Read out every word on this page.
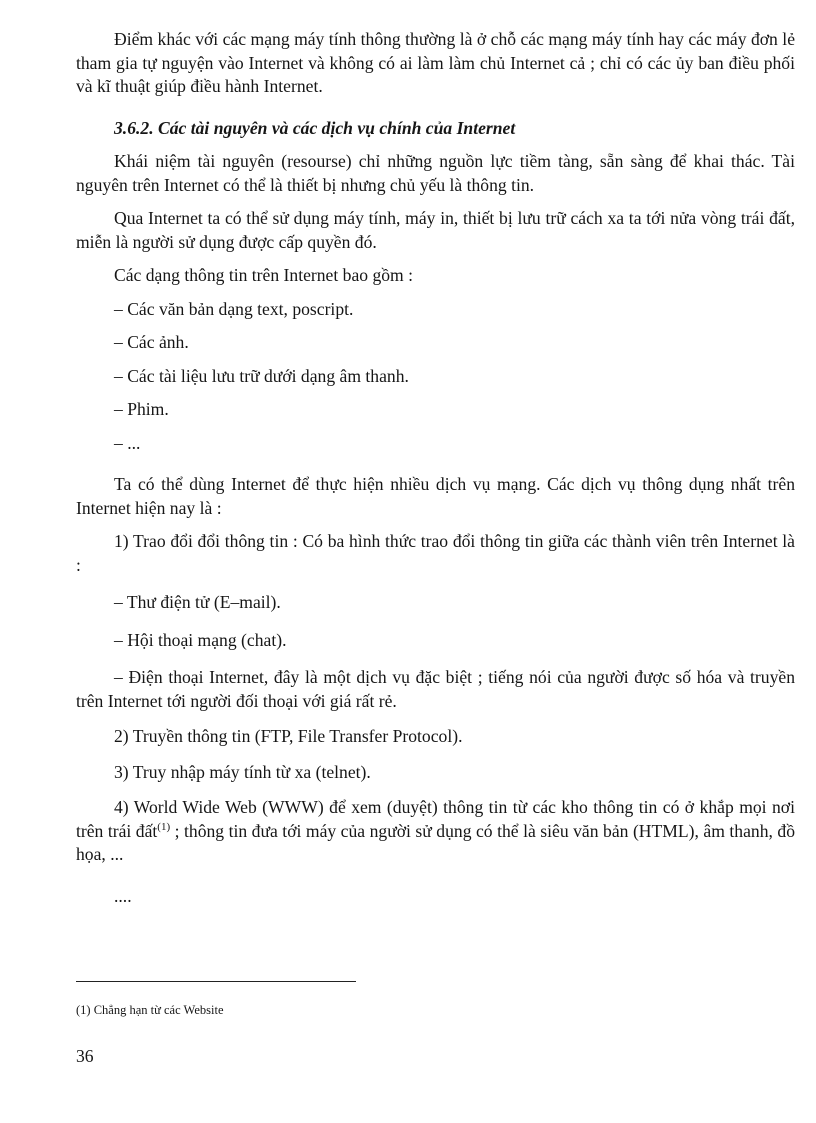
Điểm khác với các mạng máy tính thông thường là ở chỗ các mạng máy tính hay các máy đơn lẻ tham gia tự nguyện vào Internet và không có ai làm làm chủ Internet cả ; chỉ có các ủy ban điều phối và kĩ thuật giúp điều hành Internet.

3.6.2. Các tài nguyên và các dịch vụ chính của Internet

Khái niệm tài nguyên (resourse) chỉ những nguồn lực tiềm tàng, sẵn sàng để khai thác. Tài nguyên trên Internet có thể là thiết bị nhưng chủ yếu là thông tin.

Qua Internet ta có thể sử dụng máy tính, máy in, thiết bị lưu trữ cách xa ta tới nửa vòng trái đất, miễn là người sử dụng được cấp quyền đó.

Các dạng thông tin trên Internet bao gồm :
– Các văn bản dạng text, poscript.
– Các ảnh.
– Các tài liệu lưu trữ dưới dạng âm thanh.
– Phim.
– ...

Ta có thể dùng Internet để thực hiện nhiều dịch vụ mạng. Các dịch vụ thông dụng nhất trên Internet hiện nay là :

1) Trao đổi đổi thông tin : Có ba hình thức trao đổi thông tin giữa các thành viên trên Internet là :

– Thư điện tử (E–mail).
– Hội thoại mạng (chat).

– Điện thoại Internet, đây là một dịch vụ đặc biệt ; tiếng nói của người được số hóa và truyền trên Internet tới người đối thoại với giá rất rẻ.

2) Truyền thông tin (FTP, File Transfer Protocol).
3) Truy nhập máy tính từ xa (telnet).

4) World Wide Web (WWW) để xem (duyệt) thông tin từ các kho thông tin có ở khắp mọi nơi trên trái đất$^{(1)}$ ; thông tin đưa tới máy của người sử dụng có thể là siêu văn bản (HTML), âm thanh, đồ họa, ...

....
(1) Chẳng hạn từ các Website
36
